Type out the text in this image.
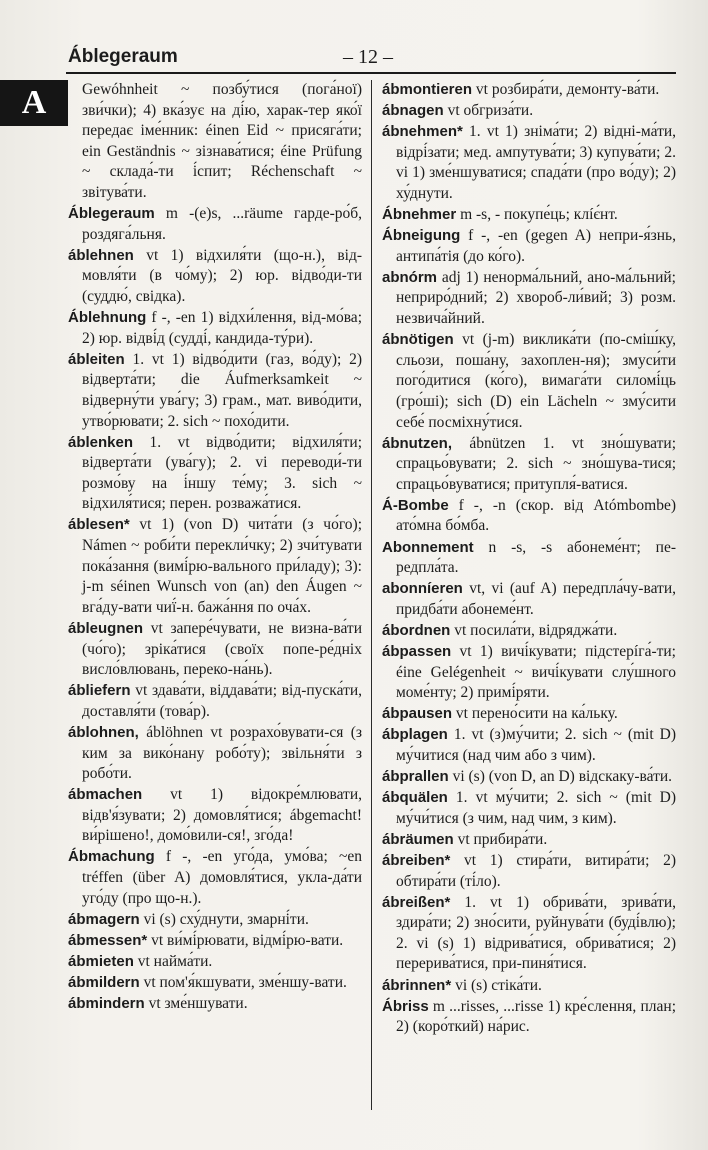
Áblegeraum	– 12 –
A	Gewóhnheit ~ позбу́тися (пога́ної) зви́чки); 4) вка́зує на ді́ю, харак-тер яко́ї передає іме́нник: éinen Eid ~ присяга́ти; ein Geständnis ~ зізнава́тися; éine Prüfung ~ склада́-ти і́спит; Réchenschaft ~ звітува́ти.
Áblegeraum m -(e)s, ...räume гарде-ро́б, роздяга́льня.
áblehnen vt 1) відхиля́ти (що-н.), від-мовля́ти (в чо́му); 2) юр. відво́ди-ти (суддю́, свідка).
Áblehnung f -, -en 1) відхи́лення, від-мо́ва; 2) юр. відві́д (судді́, кандида-ту́ри).
ábleiten 1. vt 1) відво́дити (газ, во́ду); 2) відверта́ти; die Áufmerksamkeit ~ відверну́ти ува́гу; 3) грам., мат. виво́дити, утво́рювати; 2. sich ~ похо́дити.
áblenken 1. vt відво́дити; відхиля́ти; відверта́ти (ува́гу); 2. vi переводи́-ти розмо́ву на і́ншу те́му; 3. sich ~ відхиля́тися; перен. розважа́тися.
áblesen* vt 1) (von D) чита́ти (з чо́го); Námen ~ роби́ти перекли́чку; 2) зчи́тувати пока́зання (вимі́рю-вального при́ладу); 3): j-m séinen Wunsch von (an) den Áugen ~ вга́ду-вати чиї́-н. бажа́ння по оча́х.
ábleugnen vt запере́чувати, не визна-ва́ти (чо́го); зріка́тися (своїх попе-ре́дніх висло́влювань, переко-на́нь).
ábliefern vt здава́ти, віддава́ти; від-пуска́ти, доставля́ти (това́р).
áblohnen, áblöhnen vt розрахо́вувати-ся (з ким за вико́нану робо́ту); звільня́ти з робо́ти.
ábmachen vt 1) відокре́млювати, відв'я́зувати; 2) домовля́тися; ábgemacht! ви́рішено!, домо́вили-ся!, зго́да!
Ábmachung f -, -en уго́да, умо́ва; ~en tréffen (über A) домовля́тися, укла-да́ти уго́ду (про що-н.).
ábmagern vi (s) сху́днути, змарні́ти.
ábmessen* vt ви́мі́рювати, відмі́рю-вати.
ábmieten vt найма́ти.
ábmildern vt пом'я́кшувати, зме́ншу-вати.
ábmindern vt зме́ншувати.
ábmontieren vt розбира́ти, демонту-ва́ти.
ábnagen vt обгриза́ти.
ábnehmen* 1. vt 1) зніма́ти; 2) відні-ма́ти, відрі́зати; мед. ампутува́ти; 3) купува́ти; 2. vi 1) зме́ншуватися; спада́ти (про во́ду); 2) ху́днути.
Ábnehmer m -s, - покупе́ць; клíє́нт.
Ábneigung f -, -en (gegen A) непри-я́знь, антипа́тія (до ко́го).
abnórm adj 1) ненорма́льний, ано-ма́льний; неприро́дний; 2) хвороб-ли́вий; 3) розм. незвича́йний.
ábnötigen vt (j-m) виклика́ти (по-сміш́ку, сльози, поша́ну, захоплен-ня); змуси́ти пого́дитися (ко́го), вимага́ти силомі́ць (гро́ші); sich (D) ein Lächeln ~ зму́сити себе́ посміхну́тися.
ábnutzen, ábnützen 1. vt зно́шувати; спрацьо́вувати; 2. sich ~ зно́шува-тися; спрацьо́вуватися; притупля́-ватися.
Á-Bombe f -, -n (скор. від Atómbombe) ато́мна бо́мба.
Abonnement n -s, -s абонеме́нт; пе-редпла́та.
abonníeren vt, vi (auf A) передпла́чу-вати, придба́ти абонеме́нт.
ábordnen vt посила́ти, відряджа́ти.
ábpassen vt 1) вичі́кувати; підстерíга́-ти; éine Gelégenheit ~ вичі́кувати слу́шного моме́нту; 2) примі́ряти.
ábpausen vt перено́сити на ка́льку.
ábplagen 1. vt (з)му́чити; 2. sich ~ (mit D) му́читися (над чим або з чим).
ábprallen vi (s) (von D, an D) відскаку-ва́ти.
ábquälen 1. vt му́чити; 2. sich ~ (mit D) му́чи́тися (з чим, над чим, з ким).
ábräumen vt прибира́ти.
ábreiben* vt 1) стира́ти, витира́ти; 2) обтира́ти (ті́ло).
ábreißen* 1. vt 1) обрива́ти, зрива́ти, здира́ти; 2) зно́сити, руйнува́ти (буді́влю); 2. vi (s) 1) відрива́тися, обрива́тися; 2) перерива́тися, при-пиня́тися.
ábrinnen* vi (s) стіка́ти.
Ábriss m ...risses, ...risse 1) кре́слення, план; 2) (коро́ткий) на́рис.
